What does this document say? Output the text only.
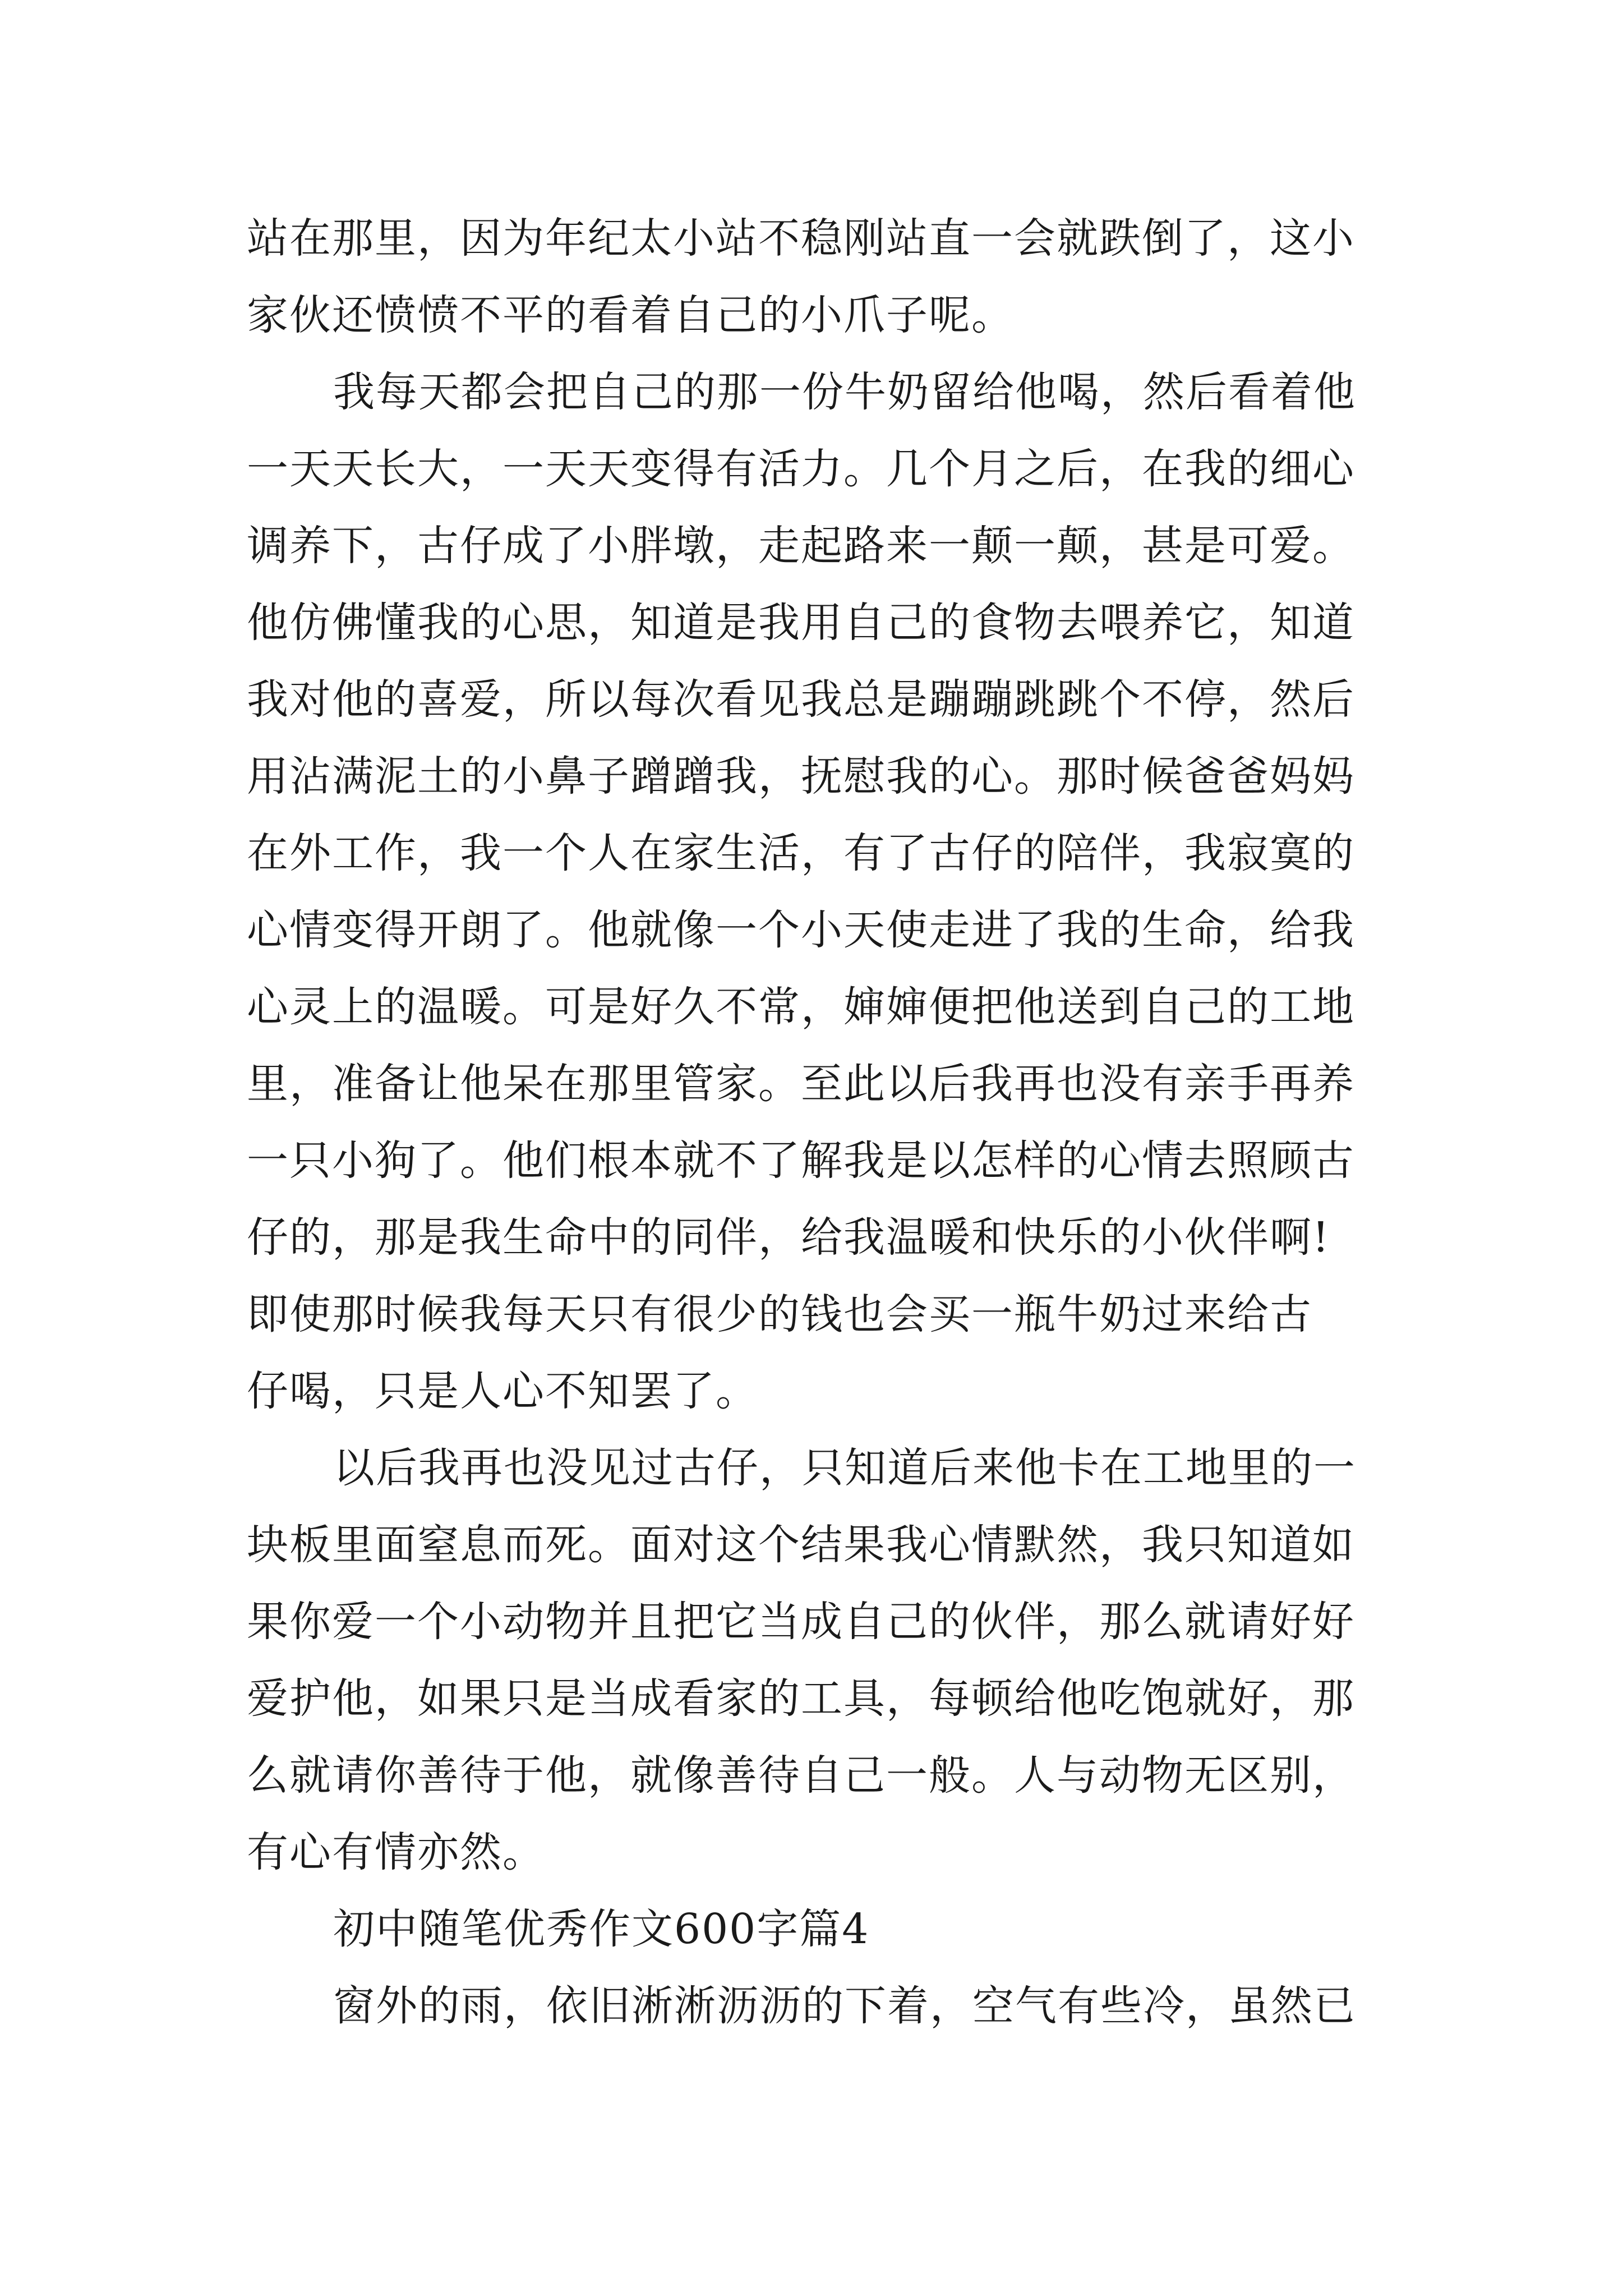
站在那里，因为年纪太小站不稳刚站直一会就跌倒了，这小
家伙还愤愤不平的看着自己的小爪子呢。
我每天都会把自己的那一份牛奶留给他喝，然后看着他
一天天长大，一天天变得有活力。几个月之后，在我的细心
调养下，古仔成了小胖墩，走起路来一颠一颠，甚是可爱。
他仿佛懂我的心思，知道是我用自己的食物去喂养它，知道
我对他的喜爱，所以每次看见我总是蹦蹦跳跳个不停，然后
用沾满泥土的小鼻子蹭蹭我，抚慰我的心。那时候爸爸妈妈
在外工作，我一个人在家生活，有了古仔的陪伴，我寂寞的
心情变得开朗了。他就像一个小天使走进了我的生命，给我
心灵上的温暖。可是好久不常，婶婶便把他送到自己的工地
里，准备让他呆在那里管家。至此以后我再也没有亲手再养
一只小狗了。他们根本就不了解我是以怎样的心情去照顾古
仔的，那是我生命中的同伴，给我温暖和快乐的小伙伴啊!
即使那时候我每天只有很少的钱也会买一瓶牛奶过来给古
仔喝，只是人心不知罢了。
以后我再也没见过古仔，只知道后来他卡在工地里的一
块板里面窒息而死。面对这个结果我心情默然，我只知道如
果你爱一个小动物并且把它当成自己的伙伴，那么就请好好
爱护他，如果只是当成看家的工具，每顿给他吃饱就好，那
么就请你善待于他，就像善待自己一般。人与动物无区别，
有心有情亦然。
初中随笔优秀作文600字篇4
窗外的雨，依旧淅淅沥沥的下着，空气有些冷，虽然已
